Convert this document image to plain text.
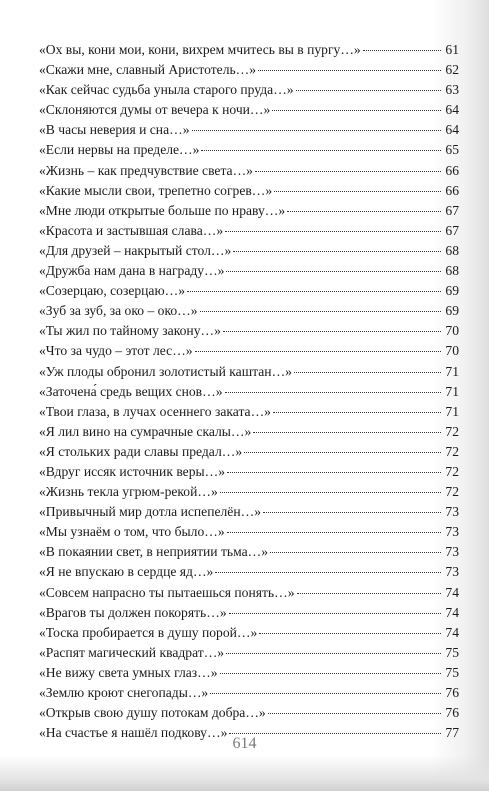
«Ох вы, кони мои, кони, вихрем мчитесь вы в пургу…»	61
«Скажи мне, славный Аристотель…»	62
«Как сейчас судьба уныла старого пруда…»	63
«Склоняются думы от вечера к ночи…»	64
«В часы неверия и сна…»	64
«Если нервы на пределе…»	65
«Жизнь – как предчувствие света…»	66
«Какие мысли свои, трепетно согрев…»	66
«Мне люди открытые больше по нраву…»	67
«Красота и застывшая слава…»	67
«Для друзей – накрытый стол…»	68
«Дружба нам дана в награду…»	68
«Созерцаю, созерцаю…»	69
«Зуб за зуб, за око – око…»	69
«Ты жил по тайному закону…»	70
«Что за чудо – этот лес…»	70
«Уж плоды обронил золотистый каштан…»	71
«Заточена́ средь вещих снов…»	71
«Твои глаза, в лучах осеннего заката…»	71
«Я лил вино на сумрачные скалы…»	72
«Я стольких ради славы предал…»	72
«Вдруг иссяк источник веры…»	72
«Жизнь текла угрюм-рекой…»	72
«Привычный мир дотла испепелён…»	73
«Мы узнаём о том, что было…»	73
«В покаянии свет, в неприятии тьма…»	73
«Я не впускаю в сердце яд…»	73
«Совсем напрасно ты пытаешься понять…»	74
«Врагов ты должен покорять…»	74
«Тоска пробирается в душу порой…»	74
«Распят магический квадрат…»	75
«Не вижу света умных глаз…»	75
«Землю кроют снегопады…»	76
«Открыв свою душу потокам добра…»	76
«На счастье я нашёл подкову…»	77
614
